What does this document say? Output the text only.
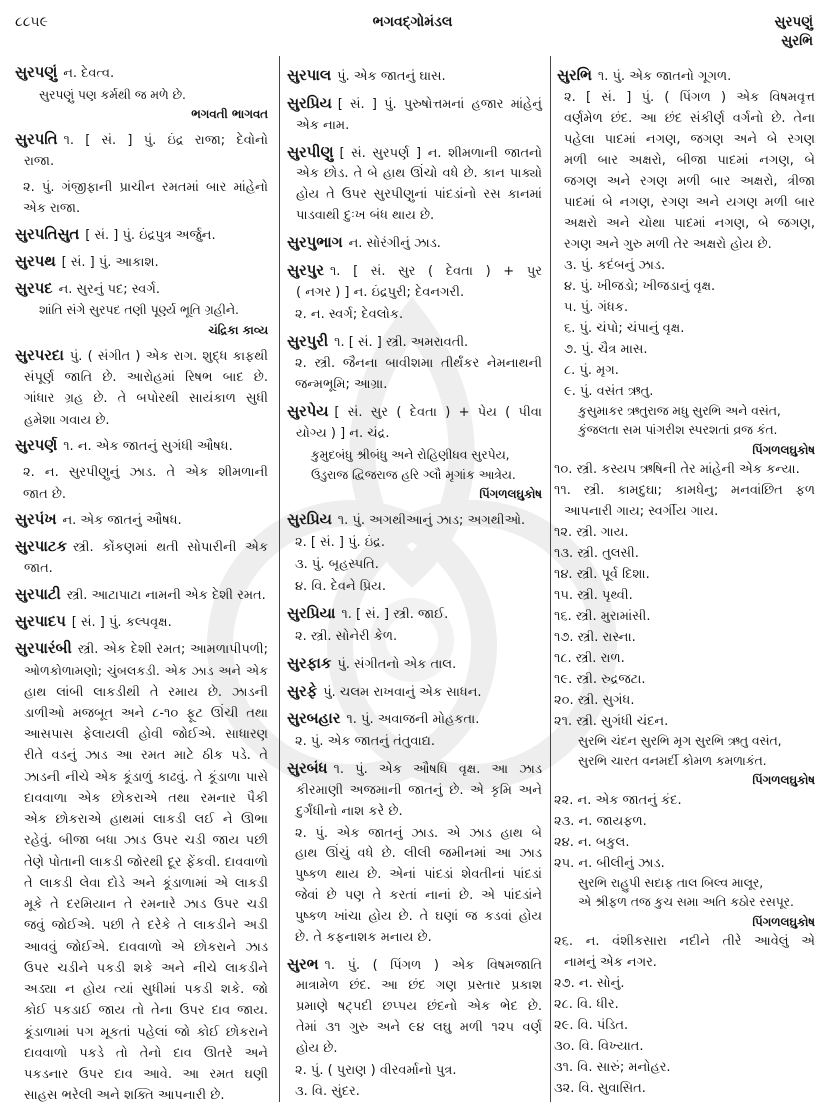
૮૮૫૯	ભગવદ્ગોમંડલ	સુરપણું
સુરભિ
સુરપણું ન. દેવત્વ.
સુરપણું પણ કર્મથી જ મળે છે.
ભગવતી ભાગવત
સુરપતિ ૧. [ સં. ] પું. ઇંદ્ર રાજા; દેવોનો
રાજા.
૨. પું. ગંજીફાની પ્રાચીન રમતમાં બાર માંહેનો
એક રાજા.
સુરપતિસુત [ સં. ] પું. ઇંદ્રપુત્ર અર્જુન.
સુરપથ [ સં. ] પું. આકાશ.
સુરપદ ન. સુરનું પદ; સ્વર્ગ.
શાંતિ સંગે સુરપદ તણી પૂર્ણ્ય ભૂતિ ગ્રહીને.
ચંદ્રિકા કાવ્ય
સુરપરદા પું. ( સંગીત ) એક રાગ. શુદ્ધ કાફથી
સંપૂર્ણ જાતિ છે. આરોહમાં રિષભ બાદ છે.
ગાંધાર ગ્રહ છે. તે બપોરથી સાયંકાળ સુધી
હમેશા ગવાય છે.
સુરપર્ણ ૧. ન. એક જાતનું સુગંધી ઔષધ.
૨. ન. સુરપીણુનું ઝાડ. તે એક શીમળાની
જાત છે.
સુરપંખ ન. એક જાતનું ઔષધ.
સુરપાટક સ્ત્રી. કોંકણમાં થતી સોપારીની એક
જાત.
સુરપાટી સ્ત્રી. આટાપાટા નામની એક દેશી રમત.
સુરપાદપ [ સં. ] પું. કલ્પવૃક્ષ.
સુરપારંબી સ્ત્રી. એક દેશી રમત; આમળાપીપળી;
ઓળકોળામણો; ચુંબલકડી. એક ઝાડ અને એક
હાથ લાંબી લાકડીથી તે રમાય છે. ઝાડની
ડાળીઓ મજબૂત અને ૮-૧૦ ફૂટ ઊંચી તથા
આસપાસ ફેલાયલી હોવી જોઈએ. સાધારણ
રીતે વડનું ઝાડ આ રમત માટે ઠીક પડે. તે
ઝાડની નીચે એક કૂંડાળું કાઢવું. તે કૂંડાળા પાસે
દાવવાળા એક છોકરાએ તથા રમનાર પૈકી
એક છોકરાએ હાથમાં લાકડી લઈ ને ઊભા
રહેવું. બીજા બધા ઝાડ ઉપર ચડી જાય પછી
તેણે પોતાની લાકડી જોરથી દૂર ફેંકવી. દાવવાળો
તે લાકડી લેવા દોડે અને કૂંડાળામાં એ લાકડી
મૂકે તે દરમિયાન તે રમનારે ઝાડ ઉપર ચડી
જવું જોઈએ. પછી તે દરેકે તે લાકડીને અડી
આવવું જોઈએ. દાવવાળો એ છોકરાને ઝાડ
ઉપર ચડીને પકડી શકે અને નીચે લાકડીને
અડ્યા ન હોય ત્યાં સુધીમાં પકડી શકે. જો
કોઈ પકડાઈ જાય તો તેના ઉપર દાવ જાય.
કૂંડાળામાં પગ મૂકતાં પહેલાં જો કોઈ છોકરાને
દાવવાળો પકડે તો તેનો દાવ ઊતરે અને
પકડનાર ઉપર દાવ આવે. આ રમત ઘણી
સાહસ ભરેલી અને શક્તિ આપનારી છે.
સુરપાલ પું. એક જાતનું ઘાસ.
સુરપ્રિય [ સં. ] પું. પુરુષોત્તમનાં હજાર માંહેનું
એક નામ.
સુરપીણુ [ સં. સુરપર્ણ ] ન. શીમળાની જાતનો
એક છોડ. તે બે હાથ ઊંચો વધે છે. કાન પાક્યો
હોય તે ઉપર સુરપીણુનાં પાંદડાંનો રસ કાનમાં
પાડવાથી દુઃખ બંધ થાય છે.
સુરપુભાગ ન. સોરંગીનું ઝાડ.
સુરપુર ૧. [ સં. સુર ( દેવતા ) + પુર
( નગર ) ] ન. ઇંદ્રપુરી; દેવનગરી.
૨. ન. સ્વર્ગ; દેવલોક.
સુરપુરી ૧. [ સં. ] સ્ત્રી. અમરાવતી.
૨. સ્ત્રી. જૈનના બાવીશમા તીર્થંકર નેમનાથની
જન્મભૂમિ; આગ્રા.
સુરપેય [ સં. સુર ( દેવતા ) + પેય ( પીવા
યોગ્ય ) ] ન. ચંદ્ર.
કુમુદબંધુ શ્રીબંધુ અને રોહિણીધવ સુરપેય,
ઉડુરાજ દ્વિજરાજ હરિ ગ્લૌ મૃગાંક આત્રેય.
પિંગળલઘુકોષ
સુરપ્રિય ૧. પું. અગથીઆનું ઝાડ; અગથીઓ.
૨. [ સં. ] પું. ઇંદ્ર.
૩. પું. બૃહસ્પતિ.
૪. વિ. દેવને પ્રિય.
સુરપ્રિયા ૧. [ સં. ] સ્ત્રી. જાઈ.
૨. સ્ત્રી. સોનેરી કેળ.
સુરફાક પું. સંગીતનો એક તાલ.
સુરફે પું. ચલમ રાખવાનું એક સાધન.
સુરબહાર ૧. પું. અવાજની મોહકતા.
૨. પું. એક જાતનું તંતુવાદ્ય.
સુરબંધ ૧. પું. એક ઔષધિ વૃક્ષ. આ ઝાડ
કીરમાણી અજમાની જાતનું છે. એ કૃમિ અને
દુર્ગંધીનો નાશ કરે છે.
૨. પું. એક જાતનું ઝાડ. એ ઝાડ હાથ બે
હાથ ઊંચું વધે છે. લીલી જમીનમાં આ ઝાડ
પુષ્કળ થાય છે. એનાં પાંદડાં શેવતીનાં પાંદડાં
જેવાં છે પણ તે કરતાં નાનાં છે. એ પાંદડાંને
પુષ્કળ ખાંચા હોય છે. તે ઘણાં જ કડવાં હોય
છે. તે કફનાશક મનાય છે.
સુરભ ૧. પું. ( પિંગળ ) એક વિષમજાતિ
માત્રામેળ છંદ. આ છંદ ગણ પ્રસ્તાર પ્રકાશ
પ્રમાણે ષટ્પદી છપ્પય છંદનો એક ભેદ છે.
તેમાં ૩૧ ગુરુ અને ૯૪ લઘુ મળી ૧૨૫ વર્ણ
હોય છે.
૨. પું. ( પુરાણ ) વીરવર્માનો પુત્ર.
૩. વિ. સુંદર.
સુરભિ ૧. પું. એક જાતનો ગૂગળ.
૨. [ સં. ] પું. ( પિંગળ ) એક વિષમવૃત્ત
વર્ણમેળ છંદ. આ છંદ સંકીર્ણ વર્ગનો છે. તેના
પહેલા પાદમાં નગણ, જગણ અને બે રગણ
મળી બાર અક્ષરો, બીજા પાદમાં નગણ, બે
જગણ અને રગણ મળી બાર અક્ષરો, ત્રીજા
પાદમાં બે નગણ, રગણ અને યગણ મળી બાર
અક્ષરો અને ચોથા પાદમાં નગણ, બે જગણ,
રગણ અને ગુરુ મળી તેર અક્ષરો હોય છે.
૩. પું. કદંબનું ઝાડ.
૪. પું. ખીજડો; ખીજડાનું વૃક્ષ.
૫. પું. ગંધક.
૬. પું. ચંપો; ચંપાનું વૃક્ષ.
૭. પું. ચૈત્ર માસ.
૮. પું. મૃગ.
૯. પું. વસંત ઋતુ.
કુસુમાકર ઋતુરાજ મધુ સુરભિ અને વસંત,
કુંજલતા સમ પાંગરીશ સ્પરશતાં વ્રજ કંત.
પિંગળલઘુકોષ
૧૦. સ્ત્રી. કસ્યપ ઋષિની તેર માંહેની એક કન્યા.
૧૧. સ્ત્રી. કામદુઘા; કામધેનુ; મનવાંછિત ફળ
આપનારી ગાય; સ્વર્ગીય ગાય.
૧૨. સ્ત્રી. ગાય.
૧૩. સ્ત્રી. તુલસી.
૧૪. સ્ત્રી. પૂર્વ દિશા.
૧૫. સ્ત્રી. પૃથ્વી.
૧૬. સ્ત્રી. મુરામાંસી.
૧૭. સ્ત્રી. રાસ્ના.
૧૮. સ્ત્રી. રાળ.
૧૯. સ્ત્રી. રુદ્રજટા.
૨૦. સ્ત્રી. સુગંધ.
૨૧. સ્ત્રી. સુગંધી ચંદન.
સુરભિ ચંદન સુરભિ મૃગ સુરભિ ઋતુ વસંત,
સુરભિ ચારત વનમર્દી કોમળ કમળાકંત.
પિંગળલઘુકોષ
૨૨. ન. એક જાતનું કંદ.
૨૩. ન. જાયફળ.
૨૪. ન. બકુલ.
૨૫. ન. બીલીનું ઝાડ.
સુરભિ રાહુપી સદાફ તાલ બિલ્વ માલૂર,
એ શ્રીફળ તજ કુચ સમા અતિ કઠોર રસપૂર.
પિંગળલઘુકોષ
૨૬. ન. વંશીકસારા નદીને તીરે આવેલું એ
નામનું એક નગર.
૨૭. ન. સોનું.
૨૮. વિ. ધીર.
૨૯. વિ. પંડિત.
૩૦. વિ. વિખ્યાત.
૩૧. વિ. સારું; મનોહર.
૩૨. વિ. સુવાસિત.
